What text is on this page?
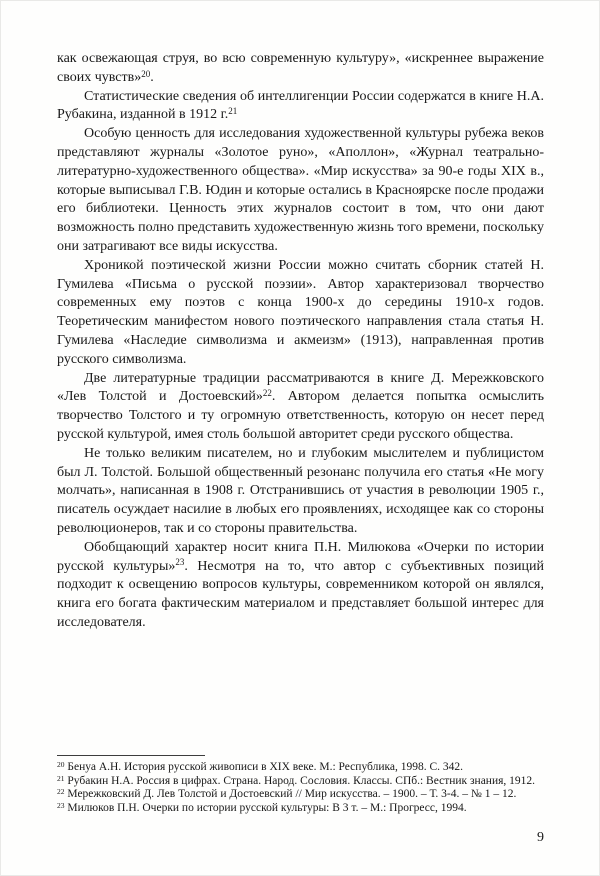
как освежающая струя, во всю современную культуру», «искреннее выражение своих чувств»$^{20}$.

Статистические сведения об интеллигенции России содержатся в книге Н.А. Рубакина, изданной в 1912 г.$^{21}$

Особую ценность для исследования художественной культуры рубежа веков представляют журналы «Золотое руно», «Аполлон», «Журнал театрально-литературно-художественного общества». «Мир искусства» за 90-е годы XIX в., которые выписывал Г.В. Юдин и которые остались в Красноярске после продажи его библиотеки. Ценность этих журналов состоит в том, что они дают возможность полно представить художественную жизнь того времени, поскольку они затрагивают все виды искусства.

Хроникой поэтической жизни России можно считать сборник статей Н. Гумилева «Письма о русской поэзии». Автор характеризовал творчество современных ему поэтов с конца 1900-х до середины 1910-х годов. Теоретическим манифестом нового поэтического направления стала статья Н. Гумилева «Наследие символизма и акмеизм» (1913), направленная против русского символизма.

Две литературные традиции рассматриваются в книге Д. Мережковского «Лев Толстой и Достоевский»$^{22}$. Автором делается попытка осмыслить творчество Толстого и ту огромную ответственность, которую он несет перед русской культурой, имея столь большой авторитет среди русского общества.

Не только великим писателем, но и глубоким мыслителем и публицистом был Л. Толстой. Большой общественный резонанс получила его статья «Не могу молчать», написанная в 1908 г. Отстранившись от участия в революции 1905 г., писатель осуждает насилие в любых его проявлениях, исходящее как со стороны революционеров, так и со стороны правительства.

Обобщающий характер носит книга П.Н. Милюкова «Очерки по истории русской культуры»$^{23}$. Несмотря на то, что автор с субъективных позиций подходит к освещению вопросов культуры, современником которой он являлся, книга его богата фактическим материалом и представляет большой интерес для исследователя.

$^{20}$ Бенуа А.Н. История русской живописи в XIX веке. М.: Республика, 1998. С. 342.

$^{21}$ Рубакин Н.А. Россия в цифрах. Страна. Народ. Сословия. Классы. СПб.: Вестник знания, 1912.

$^{22}$ Мережковский Д. Лев Толстой и Достоевский // Мир искусства. – 1900. – Т. 3-4. – № 1 – 12.

$^{23}$ Милюков П.Н. Очерки по истории русской культуры: В 3 т. – М.: Прогресс, 1994.

9
